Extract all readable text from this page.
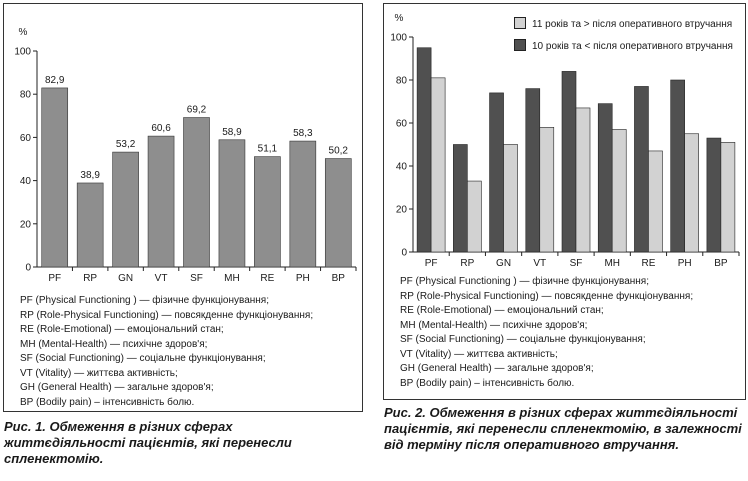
0
20
40
60
80
100
%
82,9
PF
38,9
RP
53,2
GN
60,6
VT
69,2
SF
58,9
MH
51,1
RE
58,3
PH
50,2
BP
PF (Physical Functioning ) — фізичне функціонування;
RP (Role-Physical Functioning) — повсякденне функціонування;
RE (Role-Emotional) — емоціональний стан;
MH (Mental-Health) — психічне здоров'я;
SF (Social Functioning) — соціальне функціонування;
VT (Vitality) — життєва активність;
GH (General Health) — загальне здоров'я;
BP (Bodily pain) – інтенсивність болю.
Рис. 1. Обмеження в різних сферах життєдіяльності пацієнтів, які перенесли спленектомію.
0
20
40
60
80
100
%
PF RP GN VT SF MH RE PH BP
11 років та > після оперативного втручання
10 років та < після оперативного втручання
PF (Physical Functioning ) — фізичне функціонування;
RP (Role-Physical Functioning) — повсякденне функціонування;
RE (Role-Emotional) — емоціональний стан;
MH (Mental-Health) — психічне здоров'я;
SF (Social Functioning) — соціальне функціонування;
VT (Vitality) — життєва активність;
GH (General Health) — загальне здоров'я;
BP (Bodily pain) – інтенсивність болю.
Рис. 2. Обмеження в різних сферах життєдіяльності пацієнтів, які перенесли спленектомію, в залежності від терміну після оперативного втручання.
